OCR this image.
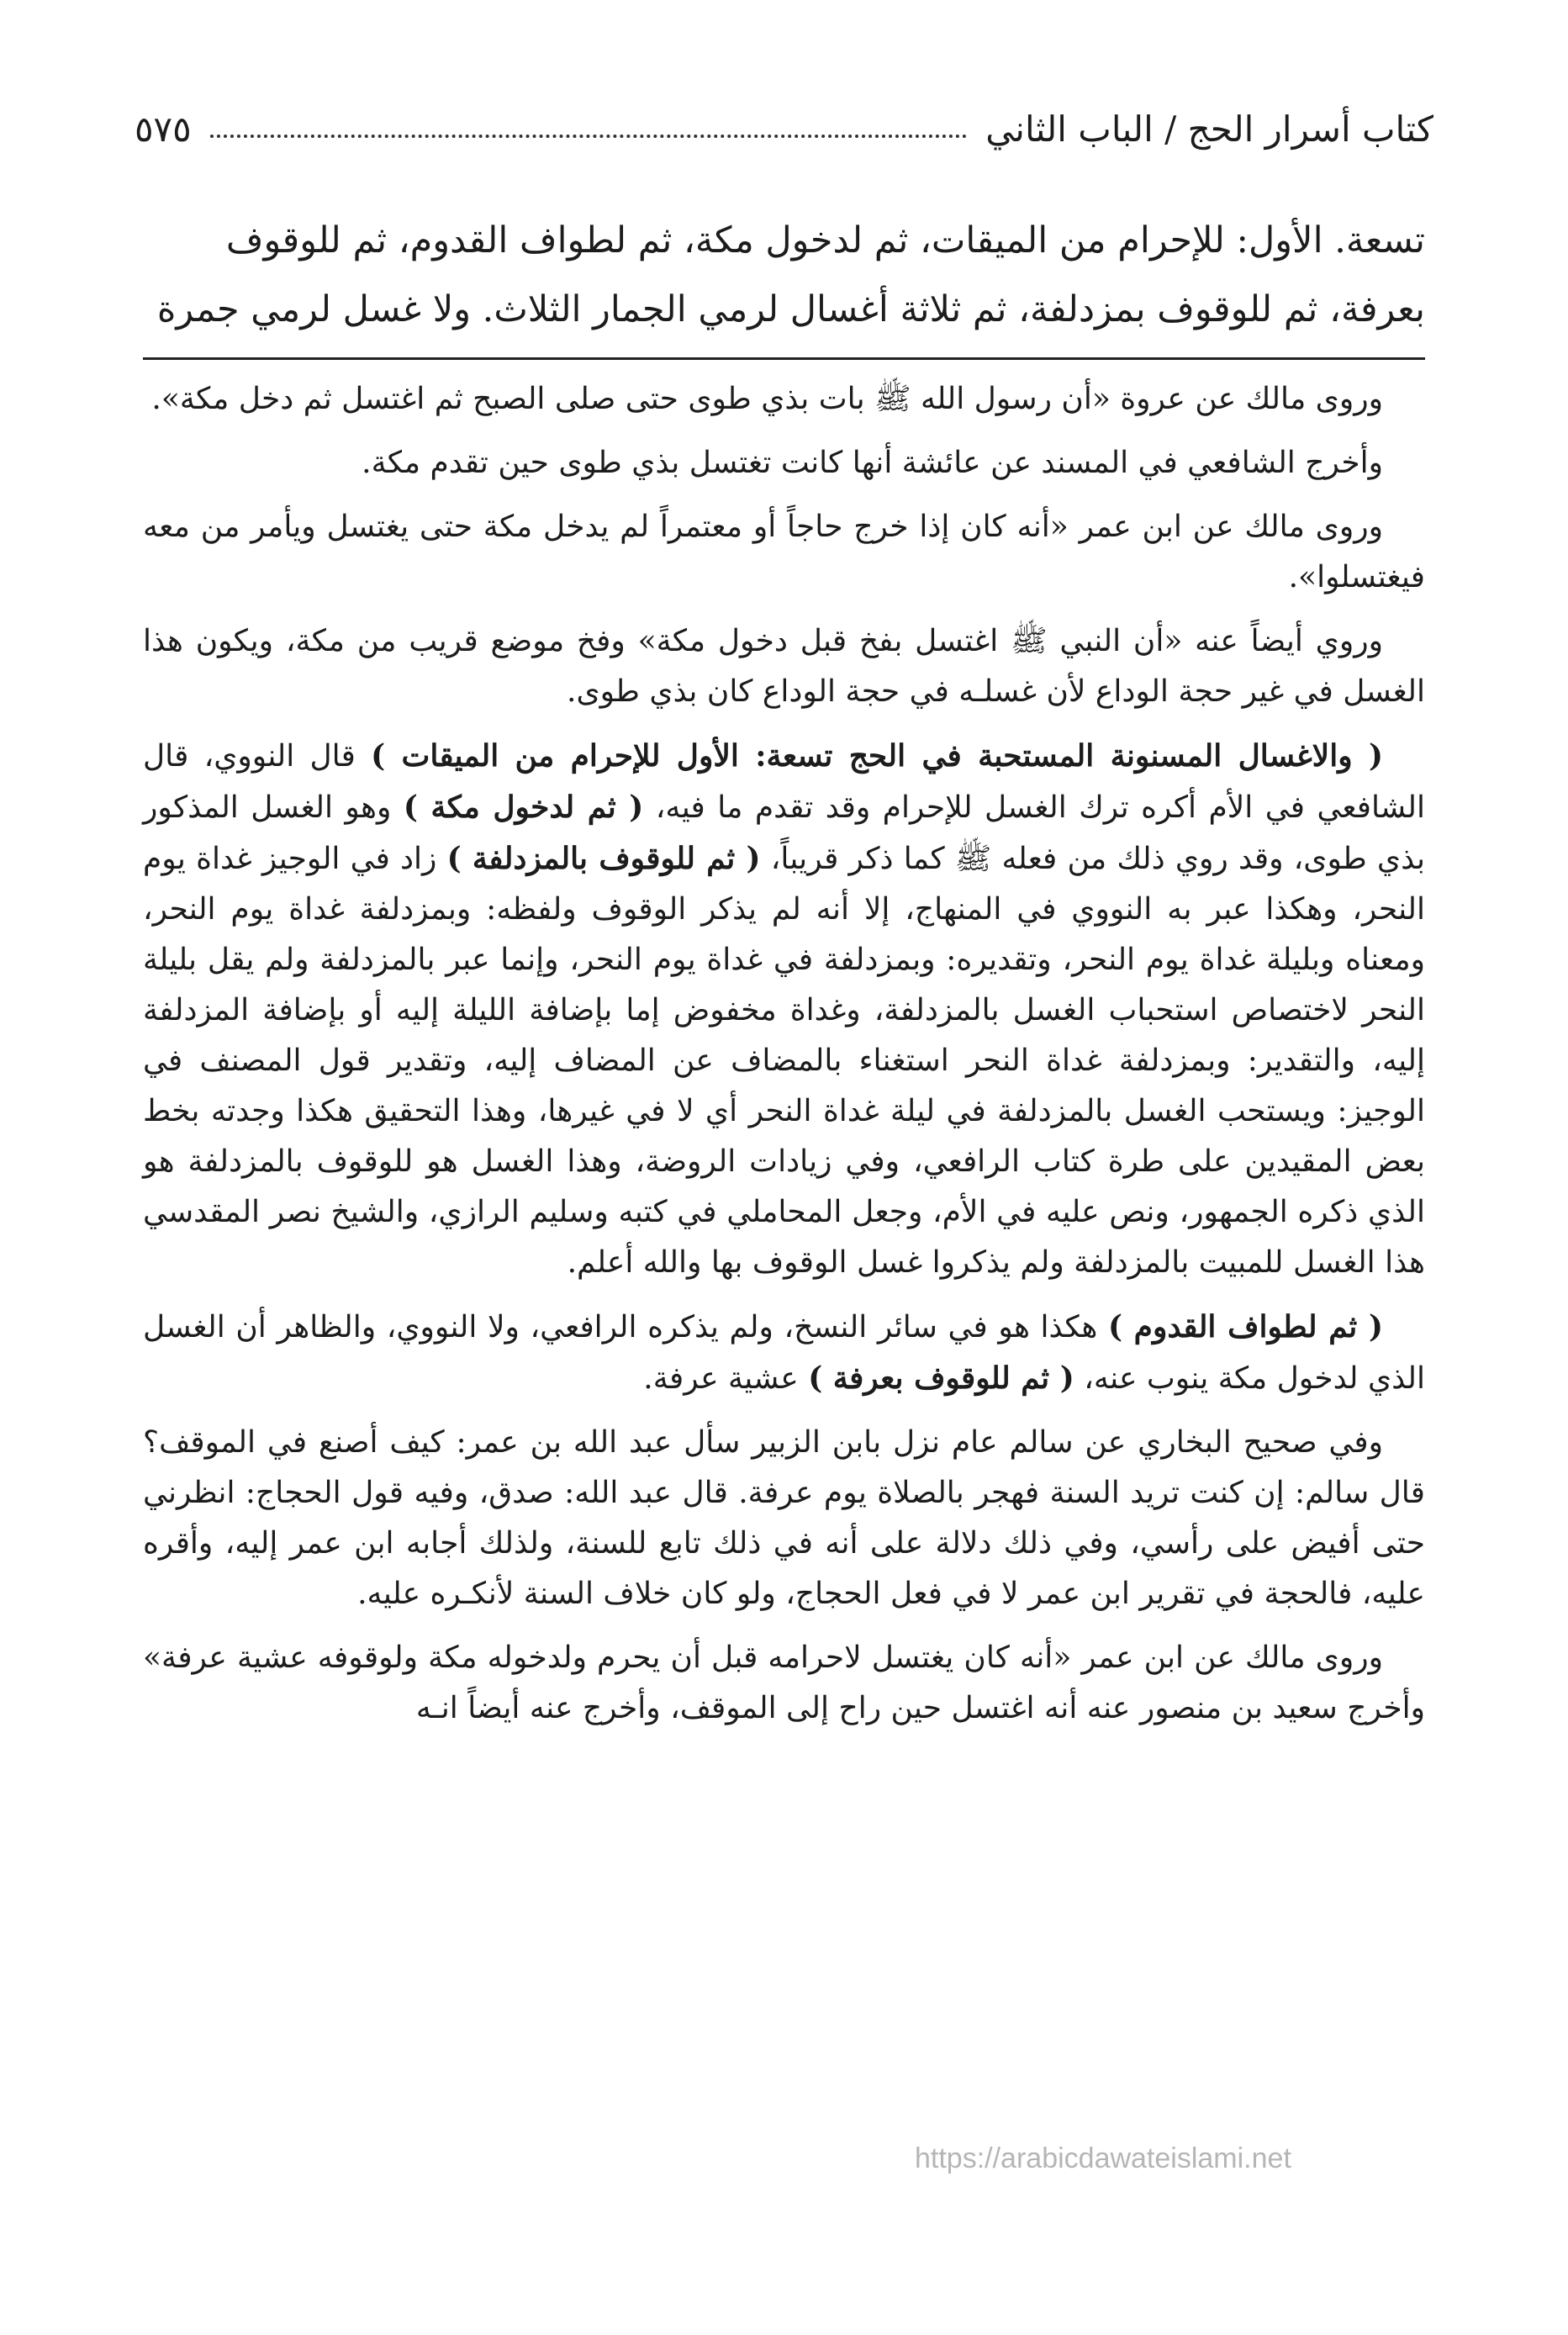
كتاب أسرار الحج / الباب الثاني
٥٧٥

تسعة. الأول: للإحرام من الميقات، ثم لدخول مكة، ثم لطواف القدوم، ثم للوقوف

بعرفة، ثم للوقوف بمزدلفة، ثم ثلاثة أغسال لرمي الجمار الثلاث. ولا غسل لرمي جمرة

وروى مالك عن عروة «أن رسول الله ﷺ بات بذي طوى حتى صلى الصبح ثم اغتسل ثم دخل مكة».

وأخرج الشافعي في المسند عن عائشة أنها كانت تغتسل بذي طوى حين تقدم مكة.

وروى مالك عن ابن عمر «أنه كان إذا خرج حاجاً أو معتمراً لم يدخل مكة حتى يغتسل ويأمر من معه فيغتسلوا».

وروي أيضاً عنه «أن النبي ﷺ اغتسل بفخ قبل دخول مكة» وفخ موضع قريب من مكة، ويكون هذا الغسل في غير حجة الوداع لأن غسلـه في حجة الوداع كان بذي طوى.

( والاغسال المسنونة المستحبة في الحج تسعة: الأول للإحرام من الميقات ) قال النووي، قال الشافعي في الأم أكره ترك الغسل للإحرام وقد تقدم ما فيه، ( ثم لدخول مكة ) وهو الغسل المذكور بذي طوى، وقد روي ذلك من فعله ﷺ كما ذكر قريباً، ( ثم للوقوف بالمزدلفة ) زاد في الوجيز غداة يوم النحر، وهكذا عبر به النووي في المنهاج، إلا أنه لم يذكر الوقوف ولفظه: وبمزدلفة غداة يوم النحر، ومعناه وبليلة غداة يوم النحر، وتقديره: وبمزدلفة في غداة يوم النحر، وإنما عبر بالمزدلفة ولم يقل بليلة النحر لاختصاص استحباب الغسل بالمزدلفة، وغداة مخفوض إما بإضافة الليلة إليه أو بإضافة المزدلفة إليه، والتقدير: وبمزدلفة غداة النحر استغناء بالمضاف عن المضاف إليه، وتقدير قول المصنف في الوجيز: ويستحب الغسل بالمزدلفة في ليلة غداة النحر أي لا في غيرها، وهذا التحقيق هكذا وجدته بخط بعض المقيدين على طرة كتاب الرافعي، وفي زيادات الروضة، وهذا الغسل هو للوقوف بالمزدلفة هو الذي ذكره الجمهور، ونص عليه في الأم، وجعل المحاملي في كتبه وسليم الرازي، والشيخ نصر المقدسي هذا الغسل للمبيت بالمزدلفة ولم يذكروا غسل الوقوف بها والله أعلم.

( ثم لطواف القدوم ) هكذا هو في سائر النسخ، ولم يذكره الرافعي، ولا النووي، والظاهر أن الغسل الذي لدخول مكة ينوب عنه، ( ثم للوقوف بعرفة ) عشية عرفة.

وفي صحيح البخاري عن سالم عام نزل بابن الزبير سأل عبد الله بن عمر: كيف أصنع في الموقف؟ قال سالم: إن كنت تريد السنة فهجر بالصلاة يوم عرفة. قال عبد الله: صدق، وفيه قول الحجاج: انظرني حتى أفيض على رأسي، وفي ذلك دلالة على أنه في ذلك تابع للسنة، ولذلك أجابه ابن عمر إليه، وأقره عليه، فالحجة في تقرير ابن عمر لا في فعل الحجاج، ولو كان خلاف السنة لأنكـره عليه.

وروى مالك عن ابن عمر «أنه كان يغتسل لاحرامه قبل أن يحرم ولدخوله مكة ولوقوفه عشية عرفة» وأخرج سعيد بن منصور عنه أنه اغتسل حين راح إلى الموقف، وأخرج عنه أيضاً انـه

https://arabicdawateislami.net
